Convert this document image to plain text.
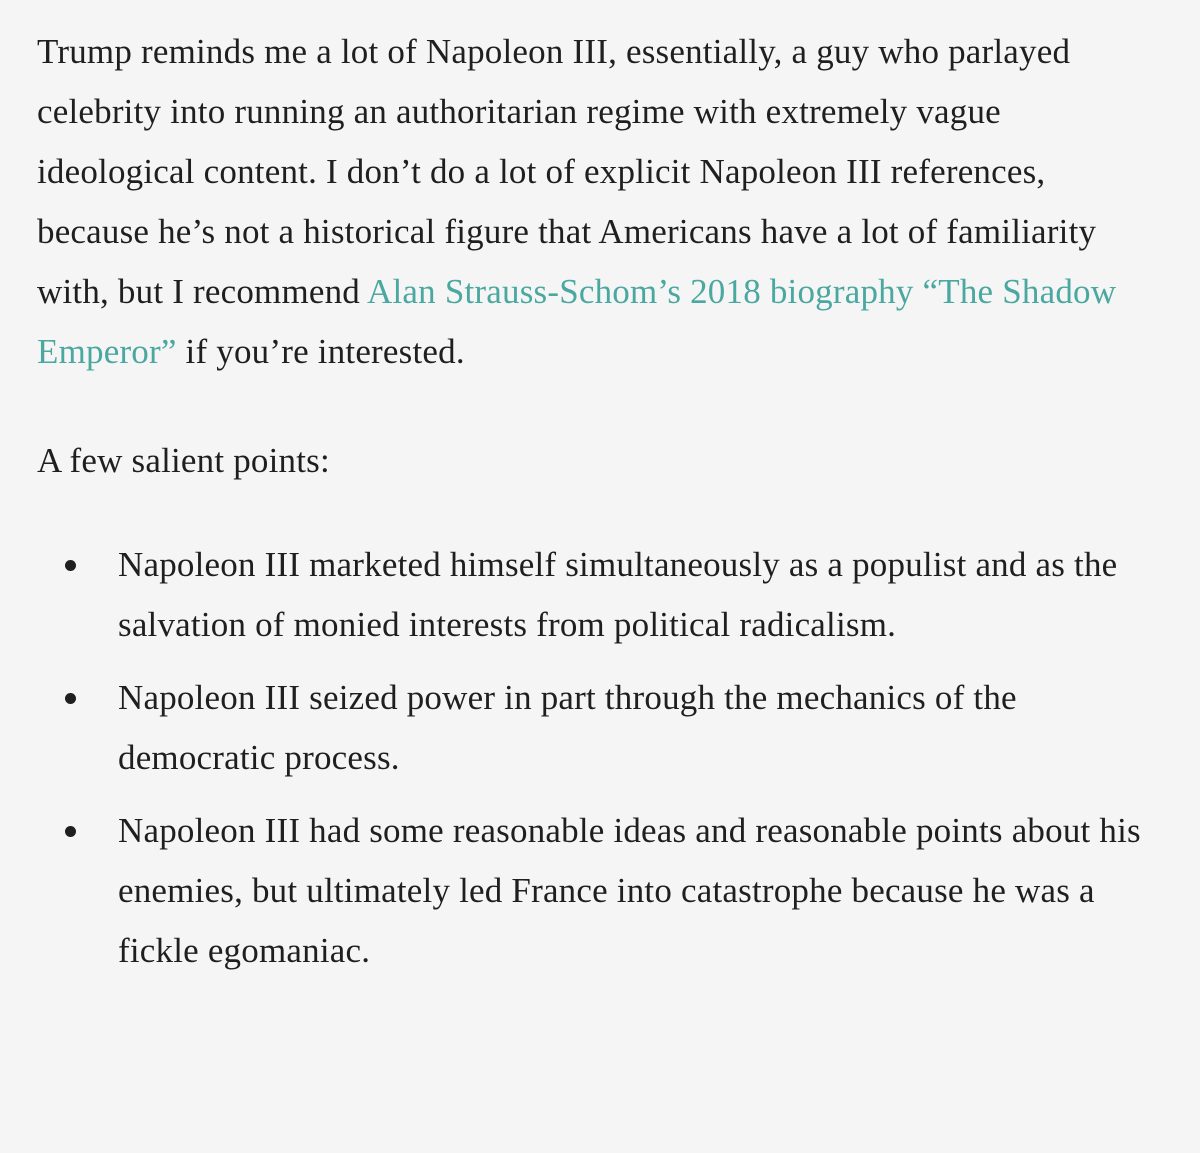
Trump reminds me a lot of Napoleon III, essentially, a guy who parlayed celebrity into running an authoritarian regime with extremely vague ideological content. I don’t do a lot of explicit Napoleon III references, because he’s not a historical figure that Americans have a lot of familiarity with, but I recommend Alan Strauss-Schom’s 2018 biography “The Shadow Emperor” if you’re interested.

A few salient points:

Napoleon III marketed himself simultaneously as a populist and as the salvation of monied interests from political radicalism.
Napoleon III seized power in part through the mechanics of the democratic process.
Napoleon III had some reasonable ideas and reasonable points about his enemies, but ultimately led France into catastrophe because he was a fickle egomaniac.
